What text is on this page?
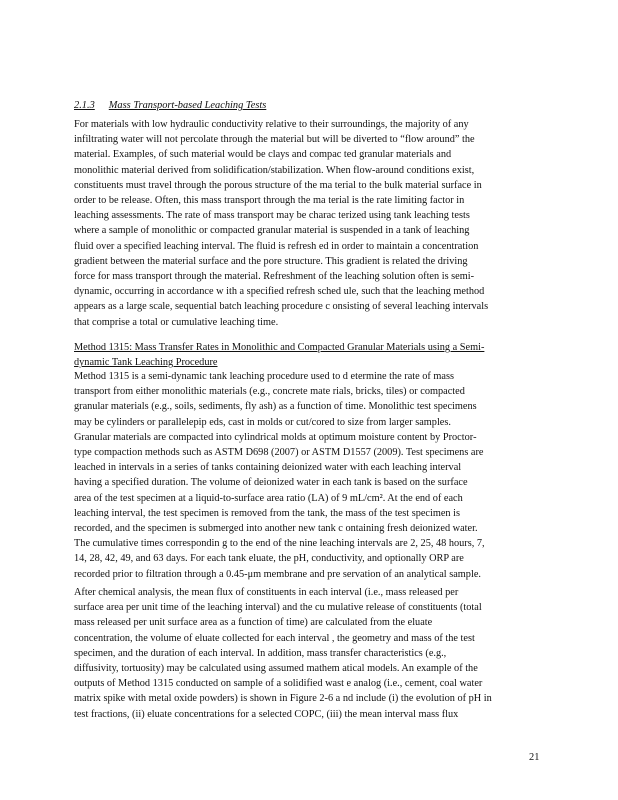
2.1.3 Mass Transport‐based Leaching Tests
For materials with low hydraulic conductivity relative to their surroundings, the majority of any
infiltrating water will not percolate through the material but will be diverted to “flow around” the
material. Examples, of such material would be clays and compac ted granular materials and
monolithic material derived from solidification/stabilization. When flow‐around conditions exist,
constituents must travel through the porous structure of the ma terial to the bulk material surface in
order to be release. Often, this mass transport through the ma terial is the rate limiting factor in
leaching assessments. The rate of mass transport may be charac terized using tank leaching tests
where a sample of monolithic or compacted granular material is suspended in a tank of leaching
fluid over a specified leaching interval. The fluid is refresh ed in order to maintain a concentration
gradient between the material surface and the pore structure. This gradient is related the driving
force for mass transport through the material. Refreshment of the leaching solution often is semi‐
dynamic, occurring in accordance w ith a specified refresh sched ule, such that the leaching method
appears as a large scale, sequential batch leaching procedure c onsisting of several leaching intervals
that comprise a total or cumulative leaching time.
Method 1315: Mass Transfer Rates in Monolithic and Compacted Granular Materials using a Semi‐
dynamic Tank Leaching Procedure
Method 1315 is a semi‐dynamic tank leaching procedure used to d etermine the rate of mass
transport from either monolithic materials (e.g., concrete mate rials, bricks, tiles) or compacted
granular materials (e.g., soils, sediments, fly ash) as a function of time. Monolithic test specimens
may be cylinders or parallelepip eds, cast in molds or cut/cored to size from larger samples.
Granular materials are compacted into cylindrical molds at optimum moisture content by Proctor‐
type compaction methods such as ASTM D698 (2007) or ASTM D1557 (2009). Test specimens are
leached in intervals in a series of tanks containing deionized water with each leaching interval
having a specified duration. The volume of deionized water in each tank is based on the surface
area of the test specimen at a liquid‐to‐surface area ratio (LA) of 9 mL/cm². At the end of each
leaching interval, the test specimen is removed from the tank, the mass of the test specimen is
recorded, and the specimen is submerged into another new tank c ontaining fresh deionized water.
The cumulative times correspondin g to the end of the nine leaching intervals are 2, 25, 48 hours, 7,
14, 28, 42, 49, and 63 days. For each tank eluate, the pH, conductivity, and optionally ORP are
recorded prior to filtration through a 0.45‐μm membrane and pre servation of an analytical sample.
After chemical analysis, the mean flux of constituents in each interval (i.e., mass released per
surface area per unit time of the leaching interval) and the cu mulative release of constituents (total
mass released per unit surface area as a function of time) are calculated from the eluate
concentration, the volume of eluate collected for each interval , the geometry and mass of the test
specimen, and the duration of each interval. In addition, mass transfer characteristics (e.g.,
diffusivity, tortuosity) may be calculated using assumed mathem atical models. An example of the
outputs of Method 1315 conducted on sample of a solidified wast e analog (i.e., cement, coal water
matrix spike with metal oxide powders) is shown in Figure 2‐6 a nd include (i) the evolution of pH in
test fractions, (ii) eluate concentrations for a selected COPC, (iii) the mean interval mass flux
21
